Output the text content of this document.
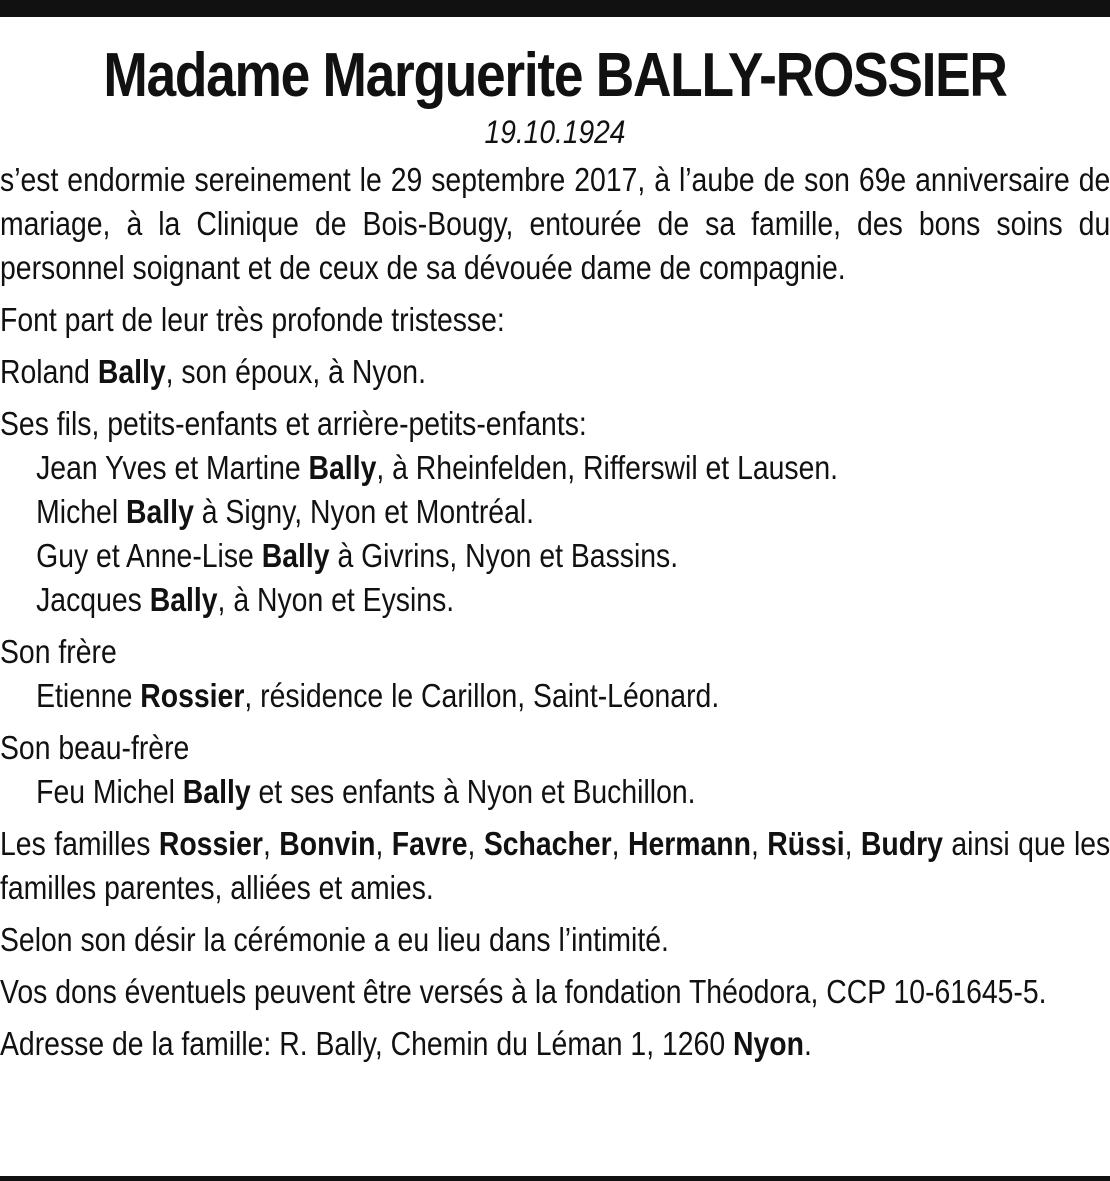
Madame Marguerite BALLY-ROSSIER
19.10.1924

s’est endormie sereinement le 29 septembre 2017, à l’aube de son 69e anniversaire de mariage, à la Clinique de Bois-Bougy, entourée de sa famille, des bons soins du personnel soignant et de ceux de sa dévouée dame de compagnie.

Font part de leur très profonde tristesse:

Roland Bally, son époux, à Nyon.

Ses fils, petits-enfants et arrière-petits-enfants:
Jean Yves et Martine Bally, à Rheinfelden, Rifferswil et Lausen.
Michel Bally à Signy, Nyon et Montréal.
Guy et Anne-Lise Bally à Givrins, Nyon et Bassins.
Jacques Bally, à Nyon et Eysins.
Son frère
Etienne Rossier, résidence le Carillon, Saint-Léonard.
Son beau-frère
Feu Michel Bally et ses enfants à Nyon et Buchillon.

Les familles Rossier, Bonvin, Favre, Schacher, Hermann, Rüssi, Budry ainsi que les familles parentes, alliées et amies.

Selon son désir la cérémonie a eu lieu dans l’intimité.

Vos dons éventuels peuvent être versés à la fondation Théodora, CCP 10-61645-5.

Adresse de la famille: R. Bally, Chemin du Léman 1, 1260 Nyon.
